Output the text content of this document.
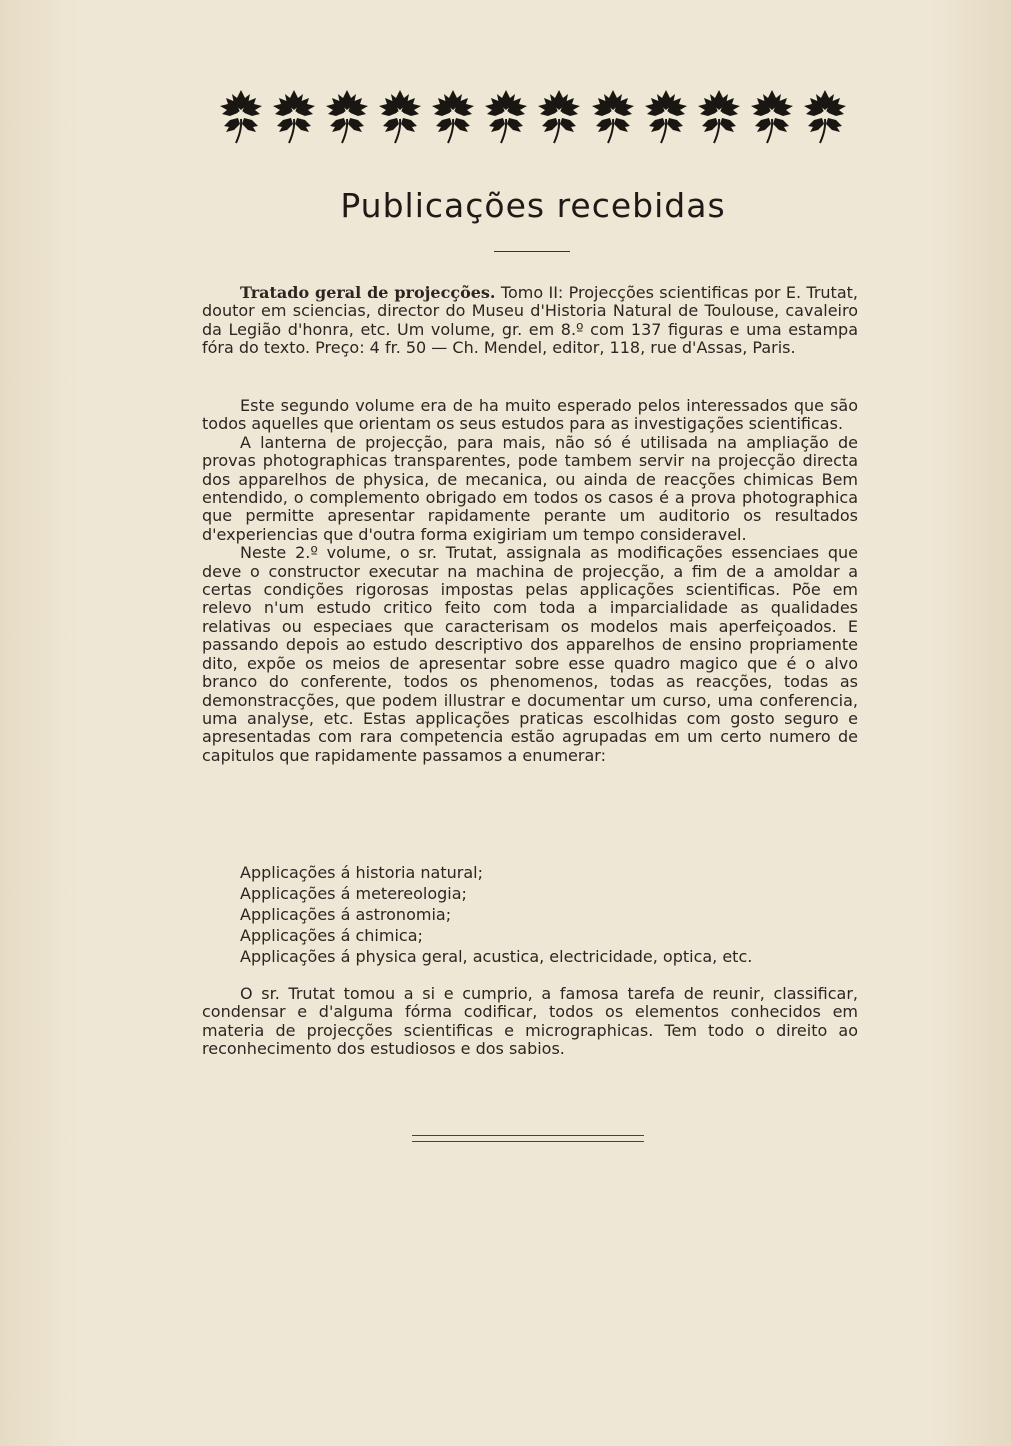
Publicações recebidas

Tratado geral de projecções. Tomo II: Projecções scientificas por E. Trutat, doutor em sciencias, director do Museu d'Historia Natural de Toulouse, cavaleiro da Legião d'honra, etc. Um volume, gr. em 8.º com 137 figuras e uma estampa fóra do texto. Preço: 4 fr. 50 — Ch. Mendel, editor, 118, rue d'Assas, Paris.

Este segundo volume era de ha muito esperado pelos interessados que são todos aquelles que orientam os seus estudos para as investigações scientificas.

A lanterna de projecção, para mais, não só é utilisada na ampliação de provas photographicas transparentes, pode tambem servir na projecção directa dos apparelhos de physica, de mecanica, ou ainda de reacções chimicas Bem entendido, o complemento obrigado em todos os casos é a prova photographica que permitte apresentar rapidamente perante um auditorio os resultados d'experiencias que d'outra forma exigiriam um tempo consideravel.

Neste 2.º volume, o sr. Trutat, assignala as modificações essenciaes que deve o constructor executar na machina de projecção, a fim de a amoldar a certas condições rigorosas impostas pelas applicações scientificas. Põe em relevo n'um estudo critico feito com toda a imparcialidade as qualidades relativas ou especiaes que caracterisam os modelos mais aperfeiçoados. E passando depois ao estudo descriptivo dos apparelhos de ensino propriamente dito, expõe os meios de apresentar sobre esse quadro magico que é o alvo branco do conferente, todos os phenomenos, todas as reacções, todas as demonstracções, que podem illustrar e documentar um curso, uma conferencia, uma analyse, etc. Estas applicações praticas escolhidas com gosto seguro e apresentadas com rara competencia estão agrupadas em um certo numero de capitulos que rapidamente passamos a enumerar:

Applicações á historia natural;
Applicações á metereologia;
Applicações á astronomia;
Applicações á chimica;
Applicações á physica geral, acustica, electricidade, optica, etc.

O sr. Trutat tomou a si e cumprio, a famosa tarefa de reunir, classificar, condensar e d'alguma fórma codificar, todos os elementos conhecidos em materia de projecções scientificas e micrographicas. Tem todo o direito ao reconhecimento dos estudiosos e dos sabios.
